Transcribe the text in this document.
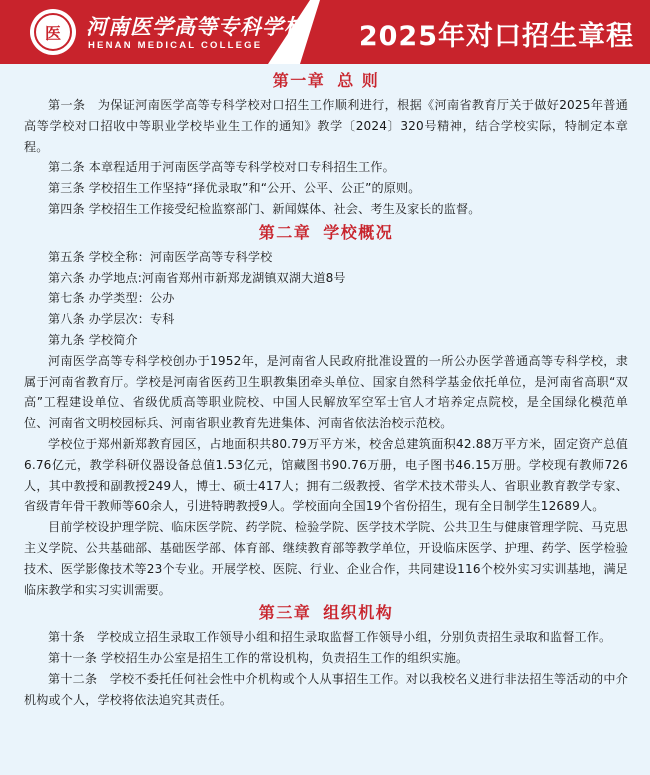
医	河南医学高等专科学校
HENAN MEDICAL COLLEGE	2025年对口招生章程
第一章 总 则

第一条　为保证河南医学高等专科学校对口招生工作顺利进行，根据《河南省教育厅关于做好2025年普通高等学校对口招收中等职业学校毕业生工作的通知》教学〔2024〕320号精神，结合学校实际，特制定本章程。

第二条 本章程适用于河南医学高等专科学校对口专科招生工作。

第三条 学校招生工作坚持“择优录取”和“公开、公平、公正”的原则。

第四条 学校招生工作接受纪检监察部门、新闻媒体、社会、考生及家长的监督。

第二章 学校概况

第五条 学校全称：河南医学高等专科学校

第六条 办学地点:河南省郑州市新郑龙湖镇双湖大道8号

第七条 办学类型：公办

第八条 办学层次：专科

第九条 学校简介

河南医学高等专科学校创办于1952年，是河南省人民政府批准设置的一所公办医学普通高等专科学校，隶属于河南省教育厅。学校是河南省医药卫生职教集团牵头单位、国家自然科学基金依托单位，是河南省高职“双高”工程建设单位、省级优质高等职业院校、中国人民解放军空军士官人才培养定点院校，是全国绿化模范单位、河南省文明校园标兵、河南省职业教育先进集体、河南省依法治校示范校。

学校位于郑州新郑教育园区，占地面积共80.79万平方米，校舍总建筑面积42.88万平方米，固定资产总值6.76亿元，教学科研仪器设备总值1.53亿元，馆藏图书90.76万册，电子图书46.15万册。学校现有教师726人，其中教授和副教授249人，博士、硕士417人；拥有二级教授、省学术技术带头人、省职业教育教学专家、省级青年骨干教师等60余人，引进特聘教授9人。学校面向全国19个省份招生，现有全日制学生12689人。

目前学校设护理学院、临床医学院、药学院、检验学院、医学技术学院、公共卫生与健康管理学院、马克思主义学院、公共基础部、基础医学部、体育部、继续教育部等教学单位，开设临床医学、护理、药学、医学检验技术、医学影像技术等23个专业。开展学校、医院、行业、企业合作，共同建设116个校外实习实训基地，满足临床教学和实习实训需要。

第三章 组织机构

第十条　学校成立招生录取工作领导小组和招生录取监督工作领导小组，分别负责招生录取和监督工作。

第十一条 学校招生办公室是招生工作的常设机构，负责招生工作的组织实施。

第十二条　学校不委托任何社会性中介机构或个人从事招生工作。对以我校名义进行非法招生等活动的中介机构或个人，学校将依法追究其责任。
